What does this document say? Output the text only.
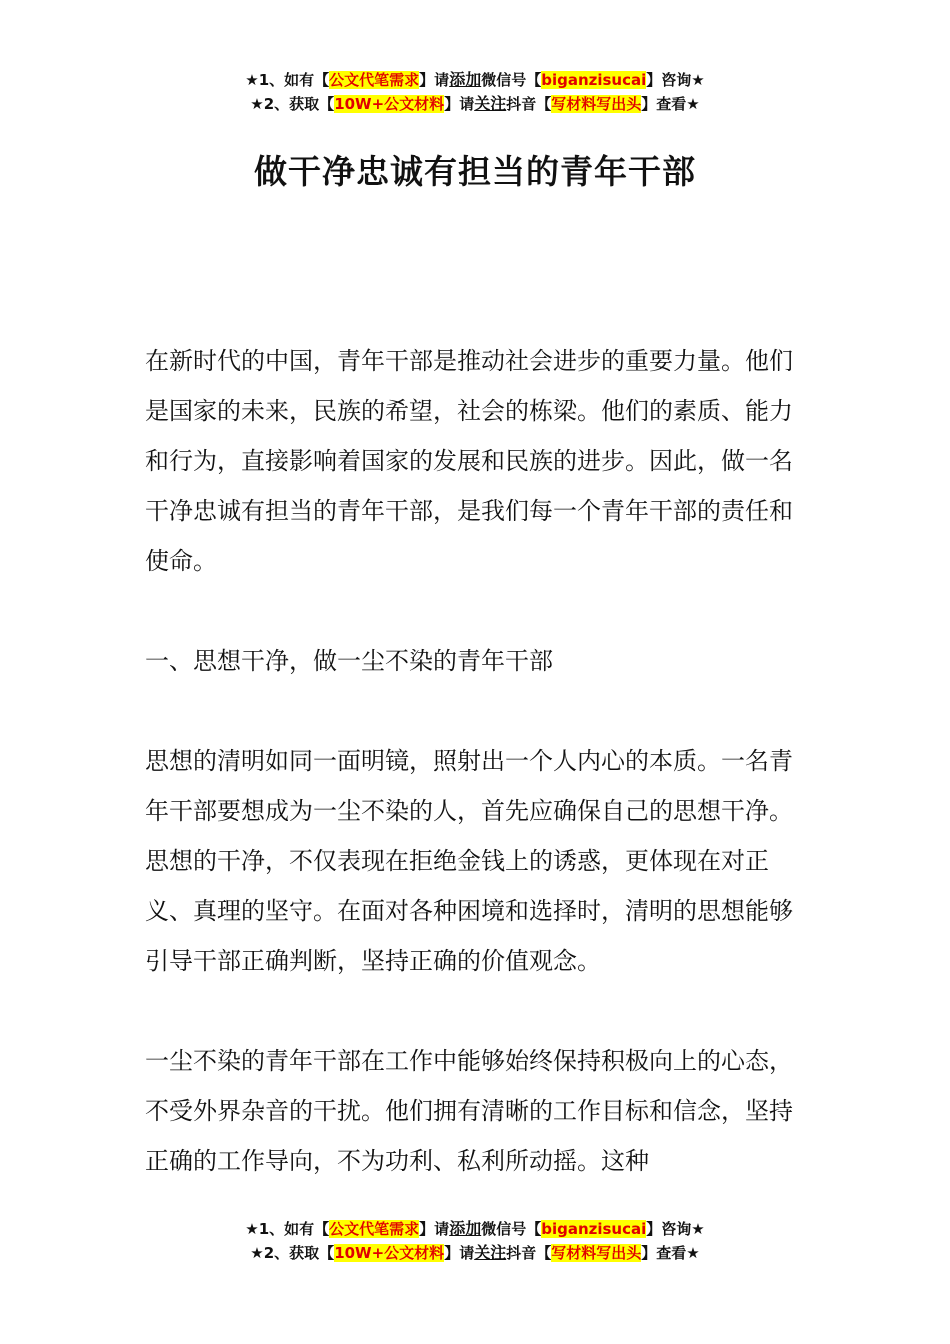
★1、如有【公文代笔需求】请添加微信号【biganzisucai】咨询★
★2、获取【10W+公文材料】请关注抖音【写材料写出头】查看★
做干净忠诚有担当的青年干部

在新时代的中国，青年干部是推动社会进步的重要力量。他们是国家的未来，民族的希望，社会的栋梁。他们的素质、能力和行为，直接影响着国家的发展和民族的进步。因此，做一名干净忠诚有担当的青年干部，是我们每一个青年干部的责任和使命。

一、思想干净，做一尘不染的青年干部

思想的清明如同一面明镜，照射出一个人内心的本质。一名青年干部要想成为一尘不染的人，首先应确保自己的思想干净。思想的干净，不仅表现在拒绝金钱上的诱惑，更体现在对正义、真理的坚守。在面对各种困境和选择时，清明的思想能够引导干部正确判断，坚持正确的价值观念。

一尘不染的青年干部在工作中能够始终保持积极向上的心态，不受外界杂音的干扰。他们拥有清晰的工作目标和信念，坚持正确的工作导向，不为功利、私利所动摇。这种

★1、如有【公文代笔需求】请添加微信号【biganzisucai】咨询★
★2、获取【10W+公文材料】请关注抖音【写材料写出头】查看★
